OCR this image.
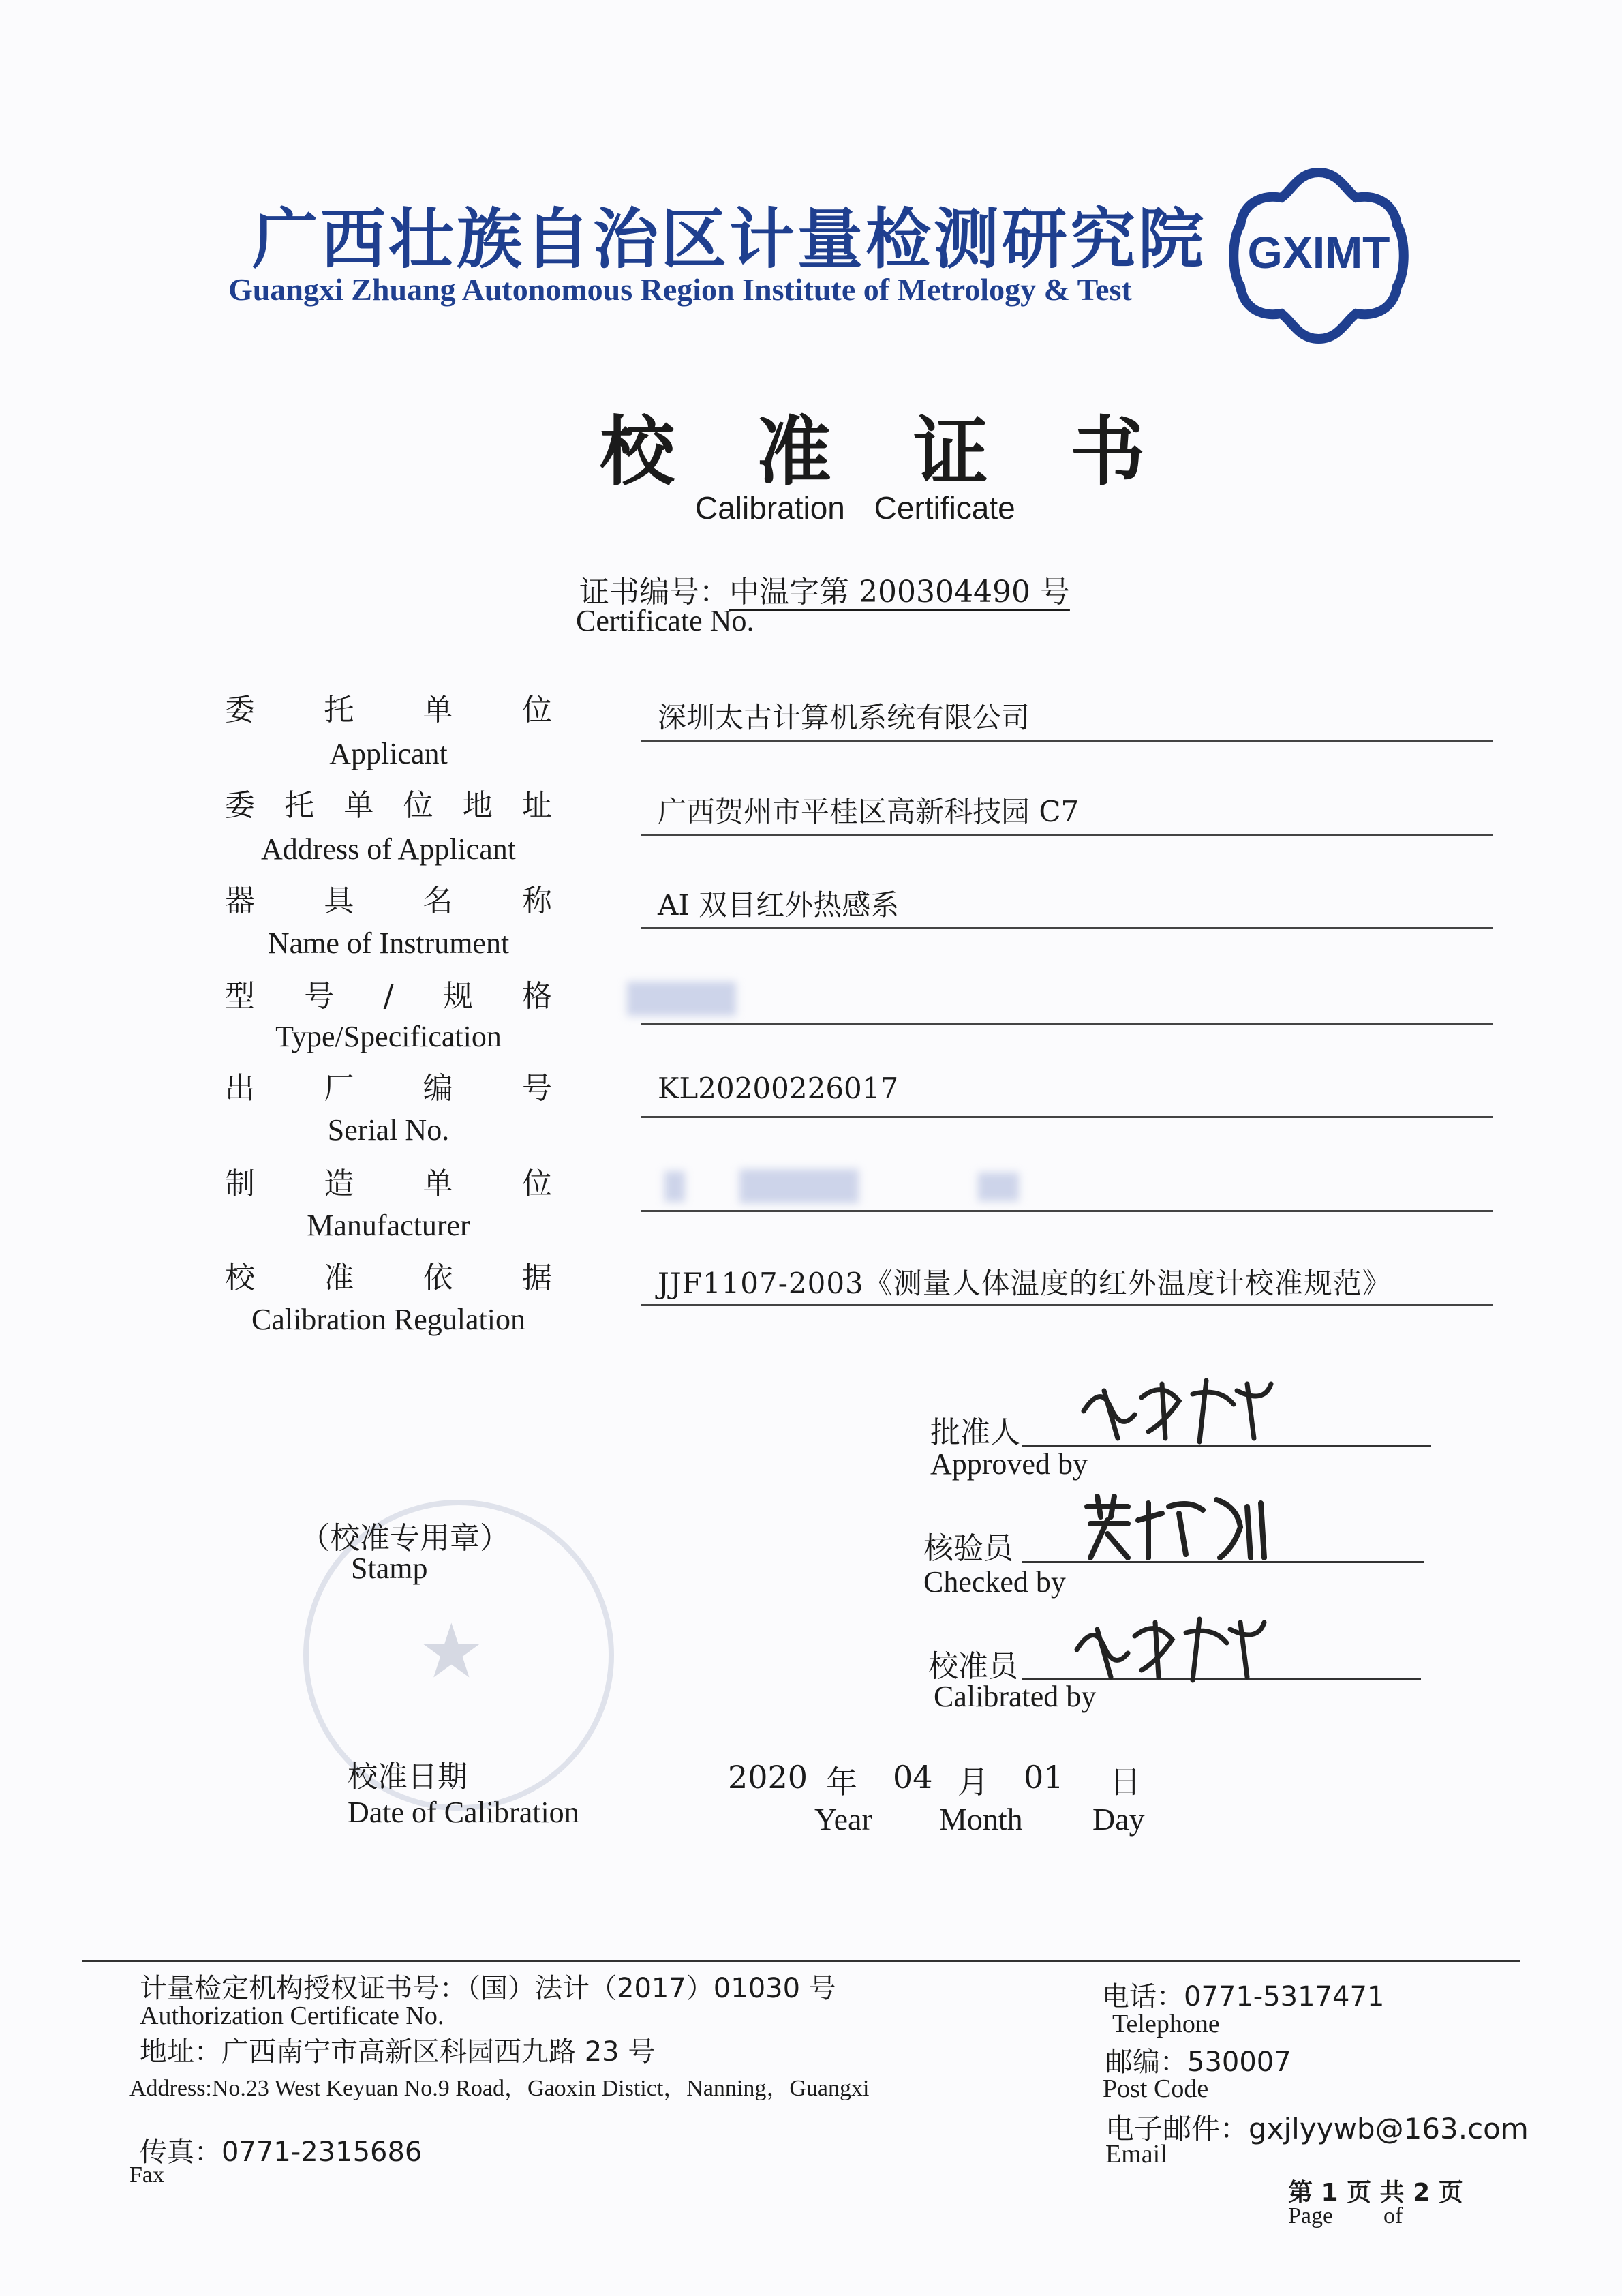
广西壮族自治区计量检测研究院
Guangxi Zhuang Autonomous Region Institute of Metrology & Test
GXIMT
校准证书
Calibration Certificate
证书编号：中温字第 200304490 号
Certificate No.
委托单位
Applicant
深圳太古计算机系统有限公司
委托单位地址
Address of Applicant
广西贺州市平桂区高新科技园 C7
器具名称
Name of Instrument
AI 双目红外热感系
型号/规格
Type/Specification
出厂编号
Serial No.
KL20200226017
制造单位
Manufacturer
校准依据
Calibration Regulation
JJF1107-2003《测量人体温度的红外温度计校准规范》
批准人
Approved by
核验员
Checked by
校准员
Calibrated by
★
（校准专用章）
Stamp
校准日期
Date of Calibration
2020 年 04 月 01 日
Year Month Day
计量检定机构授权证书号：（国）法计（2017）01030 号
Authorization Certificate No.
地址：广西南宁市高新区科园西九路 23 号
Address:No.23 West Keyuan No.9 Road，Gaoxin Distict，Nanning，Guangxi
传真：0771-2315686
Fax
电话：0771-5317471
Telephone
邮编：530007
Post Code
电子邮件：gxjlyywb@163.com
Email
第 1 页 共 2 页
Page of
